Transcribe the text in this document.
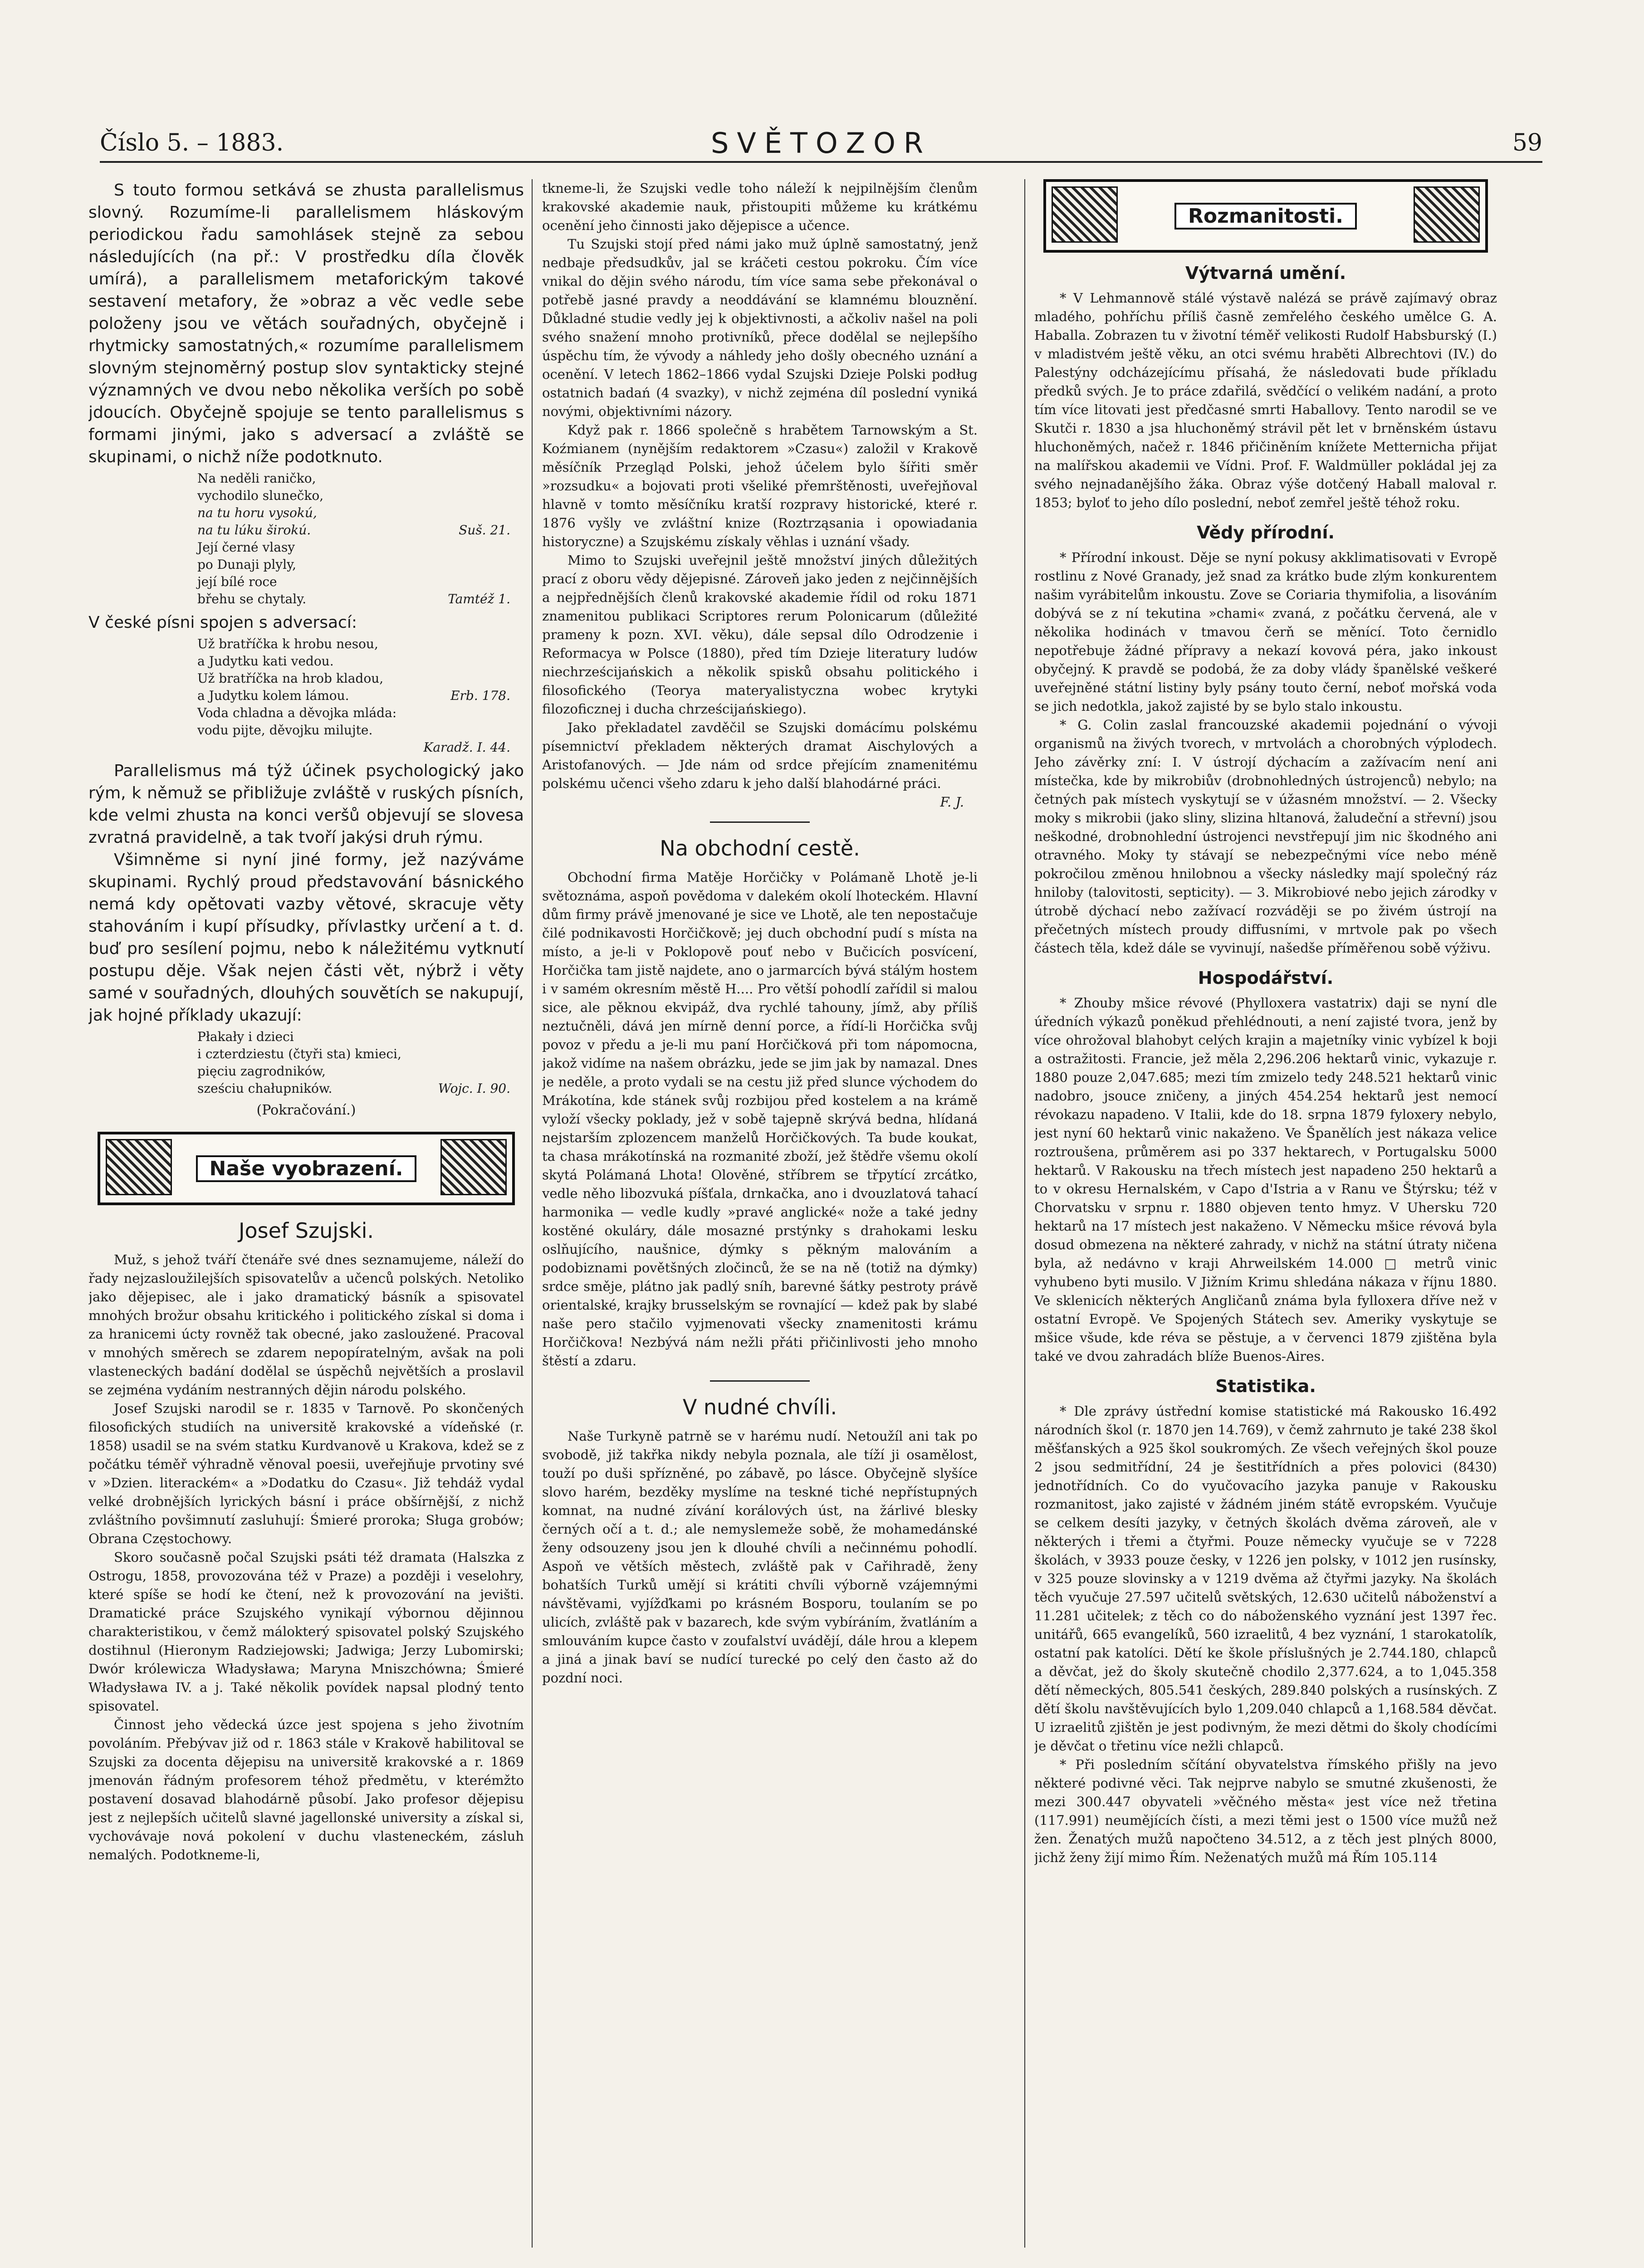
Číslo 5. – 1883.	SVĚTOZOR	59

S touto formou setkává se zhusta parallelismus slovný. Rozumíme-li parallelismem hláskovým periodickou řadu samohlásek stejně za sebou následujících (na př.: V prostředku díla člověk umírá), a parallelismem metaforickým takové sestavení metafory, že »obraz a věc vedle sebe položeny jsou ve větách souřadných, obyčejně i rhytmicky samostatných,« rozumíme parallelismem slovným stejnoměrný postup slov syntakticky stejné významných ve dvou nebo několika verších po sobě jdoucích. Obyčejně spojuje se tento parallelismus s formami jinými, jako s adversací a zvláště se skupinami, o nichž níže podotknuto.

Na neděli raničko,
vychodilo slunečko,
na tu horu vysokú,
na tu lúku širokú.	Suš. 21.
Její černé vlasy
po Dunaji plyly,
její bílé roce
břehu se chytaly.	Tamtéž 1.

V české písni spojen s adversací:

Už bratříčka k hrobu nesou,
a Judytku kati vedou.
Už bratříčka na hrob kladou,
a Judytku kolem lámou.	Erb. 178.
Voda chladna a děvojka mláda:
vodu pijte, děvojku milujte.
Karadž. I. 44.

Parallelismus má týž účinek psychologický jako rým, k němuž se přibližuje zvláště v ruských písních, kde velmi zhusta na konci veršů objevují se slovesa zvratná pravidelně, a tak tvoří jakýsi druh rýmu.

Všimněme si nyní jiné formy, jež nazýváme skupinami. Rychlý proud představování básnického nemá kdy opětovati vazby větové, skracuje věty stahováním i kupí přísudky, přívlastky určení a t. d. buď pro sesílení pojmu, nebo k náležitému vytknutí postupu děje. Však nejen části vět, nýbrž i věty samé v souřadných, dlouhých souvětích se nakupují, jak hojné příklady ukazují:

Płakały i dzieci
i czterdziestu (čtyři sta) kmieci,
pięciu zagrodników,
sześciu chałupników.	Wojc. I. 90.
(Pokračování.)
Naše vyobrazení.
Josef Szujski.

Muž, s jehož tváří čtenáře své dnes seznamujeme, náleží do řady nejzasloužilejších spisovatelův a učenců polských. Netoliko jako dějepisec, ale i jako dramatický básník a spisovatel mnohých brožur obsahu kritického i politického získal si doma i za hranicemi úcty rovněž tak obecné, jako zasloužené. Pracoval v mnohých směrech se zdarem nepopíratelným, avšak na poli vlasteneckých badání dodělal se úspěchů největších a proslavil se zejména vydáním nestranných dějin národu polského.

Josef Szujski narodil se r. 1835 v Tarnově. Po skončených filosofických studiích na universitě krakovské a vídeňské (r. 1858) usadil se na svém statku Kurdvanově u Krakova, kdež se z počátku téměř výhradně věnoval poesii, uveřejňuje prvotiny své v »Dzien. literackém« a »Dodatku do Czasu«. Již tehdáž vydal velké drobnějších lyrických básní i práce obšírnější, z nichž zvláštního povšimnutí zasluhují: Śmieré proroka; Sługa grobów; Obrana Częstochowy.

Skoro současně počal Szujski psáti též dramata (Halszka z Ostrogu, 1858, provozována též v Praze) a později i veselohry, které spíše se hodí ke čtení, než k provozování na jevišti. Dramatické práce Szujského vynikají výbornou dějinnou charakteristikou, v čemž málokterý spisovatel polský Szujského dostihnul (Hieronym Radziejowski; Jadwiga; Jerzy Lubomirski; Dwór królewicza Władysława; Maryna Mniszchówna; Śmieré Władysława IV. a j. Také několik povídek napsal plodný tento spisovatel.

Činnost jeho vědecká úzce jest spojena s jeho životním povoláním. Přebývav již od r. 1863 stále v Krakově habilitoval se Szujski za docenta dějepisu na universitě krakovské a r. 1869 jmenován řádným profesorem téhož předmětu, v kterémžto postavení dosavad blahodárně působí. Jako profesor dějepisu jest z nejlepších učitelů slavné jagellonské university a získal si, vychovávaje nová pokolení v duchu vlasteneckém, zásluh nemalých. Podotkneme-li,

tkneme-li, že Szujski vedle toho náleží k nejpilnějším členům krakovské akademie nauk, přistoupiti můžeme ku krátkému ocenění jeho činnosti jako dějepisce a učence.

Tu Szujski stojí před námi jako muž úplně samostatný, jenž nedbaje předsudkův, jal se kráčeti cestou pokroku. Čím více vnikal do dějin svého národu, tím více sama sebe překonával o potřebě jasné pravdy a neoddávání se klamnému blouznění. Důkladné studie vedly jej k objektivnosti, a ačkoliv našel na poli svého snažení mnoho protivníků, přece dodělal se nejlepšího úspěchu tím, že vývody a náhledy jeho došly obecného uznání a ocenění. V letech 1862–1866 vydal Szujski Dzieje Polski podług ostatnich badań (4 svazky), v nichž zejména díl poslední vyniká novými, objektivními názory.

Když pak r. 1866 společně s hrabětem Tarnowským a St. Koźmianem (nynějším redaktorem »Czasu«) založil v Krakově měsíčník Przegląd Polski, jehož účelem bylo šířiti směr »rozsudku« a bojovati proti všeliké přemrštěnosti, uveřejňoval hlavně v tomto měsíčníku kratší rozpravy historické, které r. 1876 vyšly ve zvláštní knize (Roztrząsania i opowiadania historyczne) a Szujskému získaly věhlas i uznání všady.

Mimo to Szujski uveřejnil ještě množství jiných důležitých prací z oboru vědy dějepisné. Zároveň jako jeden z nejčinnějších a nejpřednějších členů krakovské akademie řídil od roku 1871 znamenitou publikaci Scriptores rerum Polonicarum (důležité prameny k pozn. XVI. věku), dále sepsal dílo Odrodzenie i Reformacya w Polsce (1880), před tím Dzieje literatury ludów niechrześcijańskich a několik spisků obsahu politického i filosofického (Teorya materyalistyczna wobec krytyki filozoficznej i ducha chrześcijańskiego).

Jako překladatel zavděčil se Szujski domácímu polskému písemnictví překladem některých dramat Aischylových a Aristofanových. — Jde nám od srdce přejícím znamenitému polskému učenci všeho zdaru k jeho další blahodárné práci.

F. J.
Na obchodní cestě.

Obchodní firma Matěje Horčičky v Polámaně Lhotě je-li světoznáma, aspoň povědoma v dalekém okolí lhoteckém. Hlavní dům firmy právě jmenované je sice ve Lhotě, ale ten nepostačuje čilé podnikavosti Horčičkově; jej duch obchodní pudí s místa na místo, a je-li v Poklopově pouť nebo v Bučicích posvícení, Horčička tam jistě najdete, ano o jarmarcích bývá stálým hostem i v samém okresním městě H.... Pro větší pohodlí zařídil si malou sice, ale pěknou ekvipáž, dva rychlé tahouny, jímž, aby příliš neztučněli, dává jen mírně denní porce, a řídí-li Horčička svůj povoz v předu a je-li mu paní Horčičková při tom nápomocna, jakož vidíme na našem obrázku, jede se jim jak by namazal. Dnes je neděle, a proto vydali se na cestu již před slunce východem do Mrákotína, kde stánek svůj rozbijou před kostelem a na krámě vyloží všecky poklady, jež v sobě tajepně skrývá bedna, hlídaná nejstarším zplozencem manželů Horčičkových. Ta bude koukat, ta chasa mrákotínská na rozmanité zboží, jež štědře všemu okolí skytá Polámaná Lhota! Olověné, stříbrem se třpytící zrcátko, vedle něho libozvuká píšťala, drnkačka, ano i dvouzlatová tahací harmonika — vedle kudly »pravé anglické« nože a také jedny kostěné okuláry, dále mosazné prstýnky s drahokami lesku oslňujícího, naušnice, dýmky s pěkným malováním a podobiznami povětšných zločinců, že se na ně (totiž na dýmky) srdce směje, plátno jak padlý sníh, barevné šátky pestroty právě orientalské, krajky brusselským se rovnající — kdež pak by slabé naše pero stačilo vyjmenovati všecky znamenitosti krámu Horčičkova! Nezbývá nám nežli přáti přičinlivosti jeho mnoho štěstí a zdaru.

V nudné chvíli.

Naše Turkyně patrně se v harému nudí. Netoužíl ani tak po svobodě, již takřka nikdy nebyla poznala, ale tíží ji osamělost, touží po duši spřízněné, po zábavě, po lásce. Obyčejně slyšíce slovo harém, bezděky myslíme na teskné tiché nepřístupných komnat, na nudné zívání korálových úst, na žárlivé blesky černých očí a t. d.; ale nemyslemeže sobě, že mohamedánské ženy odsouzeny jsou jen k dlouhé chvíli a nečinnému pohodlí. Aspoň ve větších městech, zvláště pak v Cařihradě, ženy bohatších Turků umějí si krátiti chvíli výborně vzájemnými návštěvami, vyjížďkami po krásném Bosporu, toulaním se po ulicích, zvláště pak v bazarech, kde svým vybíráním, žvatláním a smlouváním kupce často v zoufalství uvádějí, dále hrou a klepem a jiná a jinak baví se nudící turecké po celý den často až do pozdní noci.

Rozmanitosti.
Výtvarná umění.

* V Lehmannově stálé výstavě nalézá se právě zajímavý obraz mladého, pohříchu příliš časně zemřelého českého umělce G. A. Haballa. Zobrazen tu v životní téměř velikosti Rudolf Habsburský (I.) v mladistvém ještě věku, an otci svému hraběti Albrechtovi (IV.) do Palestýny odcházejícímu přísahá, že následovati bude příkladu předků svých. Je to práce zdařilá, svědčící o velikém nadání, a proto tím více litovati jest předčasné smrti Haballovy. Tento narodil se ve Skutči r. 1830 a jsa hluchoněmý strávil pět let v brněnském ústavu hluchoněmých, načež r. 1846 přičiněním knížete Metternicha přijat na malířskou akademii ve Vídni. Prof. F. Waldmüller pokládal jej za svého nejnadanějšího žáka. Obraz výše dotčený Haball maloval r. 1853; byloť to jeho dílo poslední, neboť zemřel ještě téhož roku.

Vědy přírodní.

* Přírodní inkoust. Děje se nyní pokusy akklimatisovati v Evropě rostlinu z Nové Granady, jež snad za krátko bude zlým konkurentem našim vyrábitelům inkoustu. Zove se Coriaria thymifolia, a lisováním dobývá se z ní tekutina »chami« zvaná, z počátku červená, ale v několika hodinách v tmavou čerň se měnící. Toto černidlo nepotřebuje žádné přípravy a nekazí kovová péra, jako inkoust obyčejný. K pravdě se podobá, že za doby vlády španělské veškeré uveřejněné státní listiny byly psány touto černí, neboť mořská voda se jich nedotkla, jakož zajisté by se bylo stalo inkoustu.

* G. Colin zaslal francouzské akademii pojednání o vývoji organismů na živých tvorech, v mrtvolách a chorobných výplodech. Jeho závěrky zní: I. V ústrojí dýchacím a zažívacím není ani místečka, kde by mikrobiův (drobnohledných ústrojenců) nebylo; na četných pak místech vyskytují se v úžasném množství. — 2. Všecky moky s mikrobii (jako sliny, slizina hltanová, žaludeční a střevní) jsou neškodné, drobnohlední ústrojenci nevstřepují jim nic škodného ani otravného. Moky ty stávají se nebezpečnými více nebo méně pokročilou změnou hnilobnou a všecky následky mají společný ráz hniloby (talovitosti, septicity). — 3. Mikrobiové nebo jejich zárodky v útrobě dýchací nebo zažívací rozváději se po živém ústrojí na přečetných místech proudy diffusními, v mrtvole pak po všech částech těla, kdež dále se vyvinují, našedše příměřenou sobě výživu.

Hospodářství.

* Zhouby mšice révové (Phylloxera vastatrix) daji se nyní dle úředních výkazů poněkud přehlédnouti, a není zajisté tvora, jenž by více ohrožoval blahobyt celých krajin a majetníky vinic vybízel k boji a ostražitosti. Francie, jež měla 2,296.206 hektarů vinic, vykazuje r. 1880 pouze 2,047.685; mezi tím zmizelo tedy 248.521 hektarů vinic nadobro, jsouce zničeny, a jiných 454.254 hektarů jest nemocí révokazu napadeno. V Italii, kde do 18. srpna 1879 fyloxery nebylo, jest nyní 60 hektarů vinic nakaženo. Ve Španělích jest nákaza velice roztroušena, průměrem asi po 337 hektarech, v Portugalsku 5000 hektarů. V Rakousku na třech místech jest napadeno 250 hektarů a to v okresu Hernalském, v Capo d'Istria a v Ranu ve Štýrsku; též v Chorvatsku v srpnu r. 1880 objeven tento hmyz. V Uhersku 720 hektarů na 17 místech jest nakaženo. V Německu mšice révová byla dosud obmezena na některé zahrady, v nichž na státní útraty ničena byla, až nedávno v kraji Ahrweilském 14.000 □ metrů vinic vyhubeno byti musilo. V Jižním Krimu shledána nákaza v říjnu 1880. Ve sklenicích některých Angličanů známa byla fylloxera dříve než v ostatní Evropě. Ve Spojených Státech sev. Ameriky vyskytuje se mšice všude, kde réva se pěstuje, a v červenci 1879 zjištěna byla také ve dvou zahradách blíže Buenos-Aires.

Statistika.

* Dle zprávy ústřední komise statistické má Rakousko 16.492 národních škol (r. 1870 jen 14.769), v čemž zahrnuto je také 238 škol měšťanských a 925 škol soukromých. Ze všech veřejných škol pouze 2 jsou sedmitřídní, 24 je šestitřídních a přes polovici (8430) jednotřídních. Co do vyučovacího jazyka panuje v Rakousku rozmanitost, jako zajisté v žádném jiném státě evropském. Vyučuje se celkem desíti jazyky, v četných školách dvěma zároveň, ale v některých i třemi a čtyřmi. Pouze německy vyučuje se v 7228 školách, v 3933 pouze česky, v 1226 jen polsky, v 1012 jen rusínsky, v 325 pouze slovinsky a v 1219 dvěma až čtyřmi jazyky. Na školách těch vyučuje 27.597 učitelů světských, 12.630 učitelů náboženství a 11.281 učitelek; z těch co do náboženského vyznání jest 1397 řec. unitářů, 665 evangelíků, 560 izraelitů, 4 bez vyznání, 1 starokatolík, ostatní pak katolíci. Dětí ke škole příslušných je 2.744.180, chlapců a děvčat, jež do školy skutečně chodilo 2,377.624, a to 1,045.358 dětí německých, 805.541 českých, 289.840 polských a rusínských. Z dětí školu navštěvujících bylo 1,209.040 chlapců a 1,168.584 děvčat. U izraelitů zjištěn je jest podivným, že mezi dětmi do školy chodícími je děvčat o třetinu více nežli chlapců.

* Při posledním sčítání obyvatelstva římského přišly na jevo některé podivné věci. Tak nejprve nabylo se smutné zkušenosti, že mezi 300.447 obyvateli »věčného města« jest více než třetina (117.991) neumějících čísti, a mezi těmi jest o 1500 více mužů než žen. Ženatých mužů napočteno 34.512, a z těch jest plných 8000, jichž ženy žijí mimo Řím. Neženatých mužů má Řím 105.114
